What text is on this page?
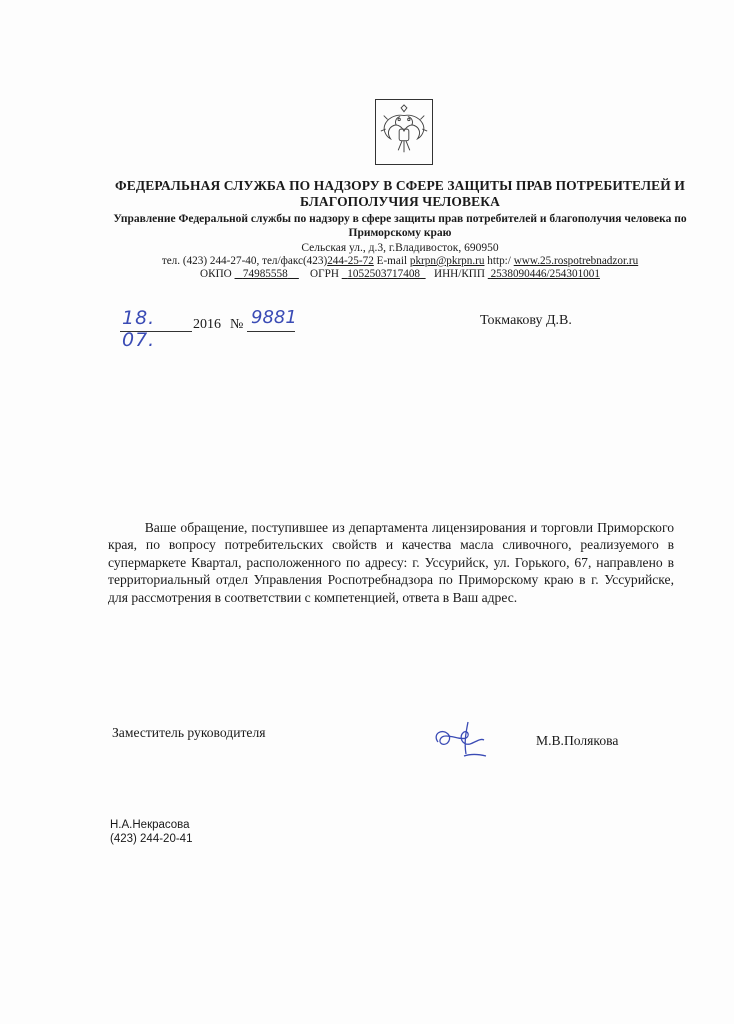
ФЕДЕРАЛЬНАЯ СЛУЖБА ПО НАДЗОРУ В СФЕРЕ ЗАЩИТЫ ПРАВ ПОТРЕБИТЕЛЕЙ И БЛАГОПОЛУЧИЯ ЧЕЛОВЕКА
Управление Федеральной службы по надзору в сфере защиты прав потребителей и благополучия человека по Приморскому краю
Сельская ул., д.3, г.Владивосток, 690950
тел. (423) 244-27-40, тел/факс(423)244-25-72 E-mail pkrpn@pkrpn.ru http:/ www.25.rospotrebnadzor.ru
ОКПО 74985558 ОГРН 1052503717408 ИНН/КПП 2538090446/254301001
18. 07.
2016 № 9881	Токмакову Д.В.

Ваше обращение, поступившее из департамента лицензирования и торговли Приморского края, по вопросу потребительских свойств и качества масла сливочного, реализуемого в супермаркете Квартал, расположенного по адресу: г. Уссурийск, ул. Горького, 67, направлено в территориальный отдел Управления Роспотребнадзора по Приморскому краю в г. Уссурийске, для рассмотрения в соответствии с компетенцией, ответа в Ваш адрес.

Заместитель руководителя
М.В.Полякова
Н.А.Некрасова
(423) 244-20-41
